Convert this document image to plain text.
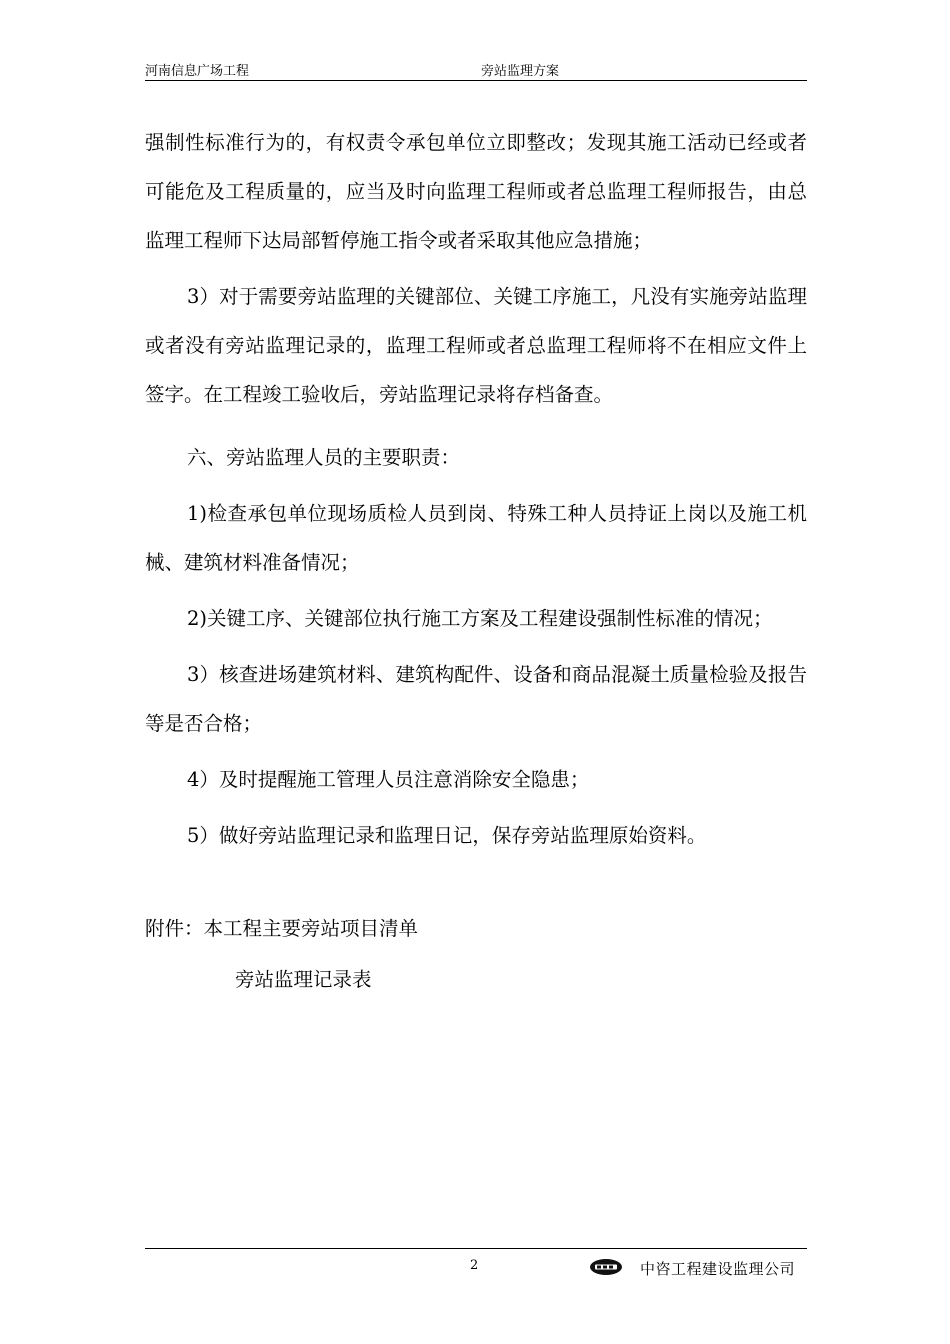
河南信息广场工程	旁站监理方案

强制性标准行为的，有权责令承包单位立即整改；发现其施工活动已经或者可能危及工程质量的，应当及时向监理工程师或者总监理工程师报告，由总监理工程师下达局部暂停施工指令或者采取其他应急措施；

3）对于需要旁站监理的关键部位、关键工序施工，凡没有实施旁站监理或者没有旁站监理记录的，监理工程师或者总监理工程师将不在相应文件上签字。在工程竣工验收后，旁站监理记录将存档备查。

六、旁站监理人员的主要职责：

1)检查承包单位现场质检人员到岗、特殊工种人员持证上岗以及施工机械、建筑材料准备情况；

2)关键工序、关键部位执行施工方案及工程建设强制性标准的情况；

3）核查进场建筑材料、建筑构配件、设备和商品混凝土质量检验及报告等是否合格；

4）及时提醒施工管理人员注意消除安全隐患；

5）做好旁站监理记录和监理日记，保存旁站监理原始资料。

附件：本工程主要旁站项目清单

旁站监理记录表

2	中咨工程建设监理公司
